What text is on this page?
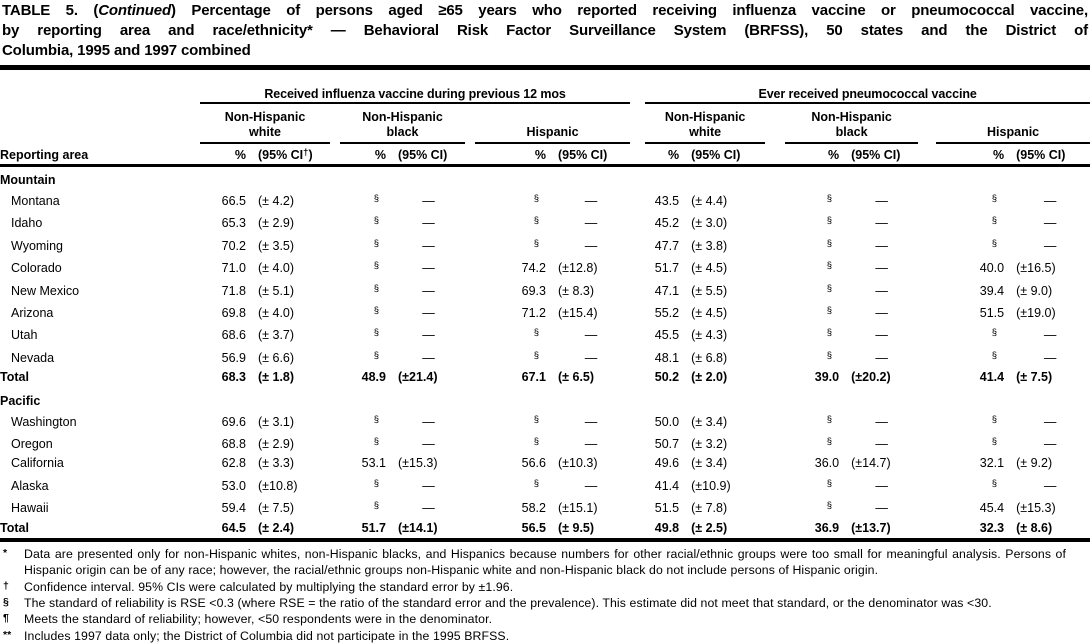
TABLE 5. (Continued) Percentage of persons aged ≥65 years who reported receiving influenza vaccine or pneumococcal vaccine,
by reporting area and race/ethnicity* — Behavioral Risk Factor Surveillance System (BRFSS), 50 states and the District of
Columbia, 1995 and 1997 combined
Reporting area	Received influenza vaccine during previous 12 mos									Ever received pneumococcal vaccine							
	Non-Hispanic white			Non-Hispanic black			Hispanic			Non-Hispanic white			Non-Hispanic black			Hispanic	
	%	(95% CI†)		%	(95% CI)		%	(95% CI)		%	(95% CI)		%	(95% CI)		%	(95% CI)
Mountain																	
Montana	66.5	(± 4.2)		§	—		§	—		43.5	(± 4.4)		§	—		§	—
Idaho	65.3	(± 2.9)		§	—		§	—		45.2	(± 3.0)		§	—		§	—
Wyoming	70.2	(± 3.5)		§	—		§	—		47.7	(± 3.8)		§	—		§	—
Colorado	71.0	(± 4.0)		§	—		74.2	(±12.8)		51.7	(± 4.5)		§	—		40.0	(±16.5)
New Mexico	71.8	(± 5.1)		§	—		69.3	(± 8.3)		47.1	(± 5.5)		§	—		39.4	(± 9.0)
Arizona	69.8	(± 4.0)		§	—		71.2	(±15.4)		55.2	(± 4.5)		§	—		51.5	(±19.0)
Utah	68.6	(± 3.7)		§	—		§	—		45.5	(± 4.3)		§	—		§	—
Nevada	56.9	(± 6.6)		§	—		§	—		48.1	(± 6.8)		§	—		§	—
Total	68.3	(± 1.8)		48.9	(±21.4)		67.1	(± 6.5)		50.2	(± 2.0)		39.0	(±20.2)		41.4	(± 7.5)
Pacific																	
Washington	69.6	(± 3.1)		§	—		§	—		50.0	(± 3.4)		§	—		§	—
Oregon	68.8	(± 2.9)		§	—		§	—		50.7	(± 3.2)		§	—		§	—
California	62.8	(± 3.3)		53.1	(±15.3)		56.6	(±10.3)		49.6	(± 3.4)		36.0	(±14.7)		32.1	(± 9.2)
Alaska	53.0	(±10.8)		§	—		§	—		41.4	(±10.9)		§	—		§	—
Hawaii	59.4	(± 7.5)		§	—		58.2	(±15.1)		51.5	(± 7.8)		§	—		45.4	(±15.3)
Total	64.5	(± 2.4)		51.7	(±14.1)		56.5	(± 9.5)		49.8	(± 2.5)		36.9	(±13.7)		32.3	(± 8.6)
* Data are presented only for non-Hispanic whites, non-Hispanic blacks, and Hispanics because numbers for other racial/ethnic groups were too small for meaningful analysis. Persons of Hispanic origin can be of any race; however, the racial/ethnic groups non-Hispanic white and non-Hispanic black do not include persons of Hispanic origin.
† Confidence interval. 95% CIs were calculated by multiplying the standard error by ±1.96.
§ The standard of reliability is RSE <0.3 (where RSE = the ratio of the standard error and the prevalence). This estimate did not meet that standard, or the denominator was <30.
¶ Meets the standard of reliability; however, <50 respondents were in the denominator.
** Includes 1997 data only; the District of Columbia did not participate in the 1995 BRFSS.
